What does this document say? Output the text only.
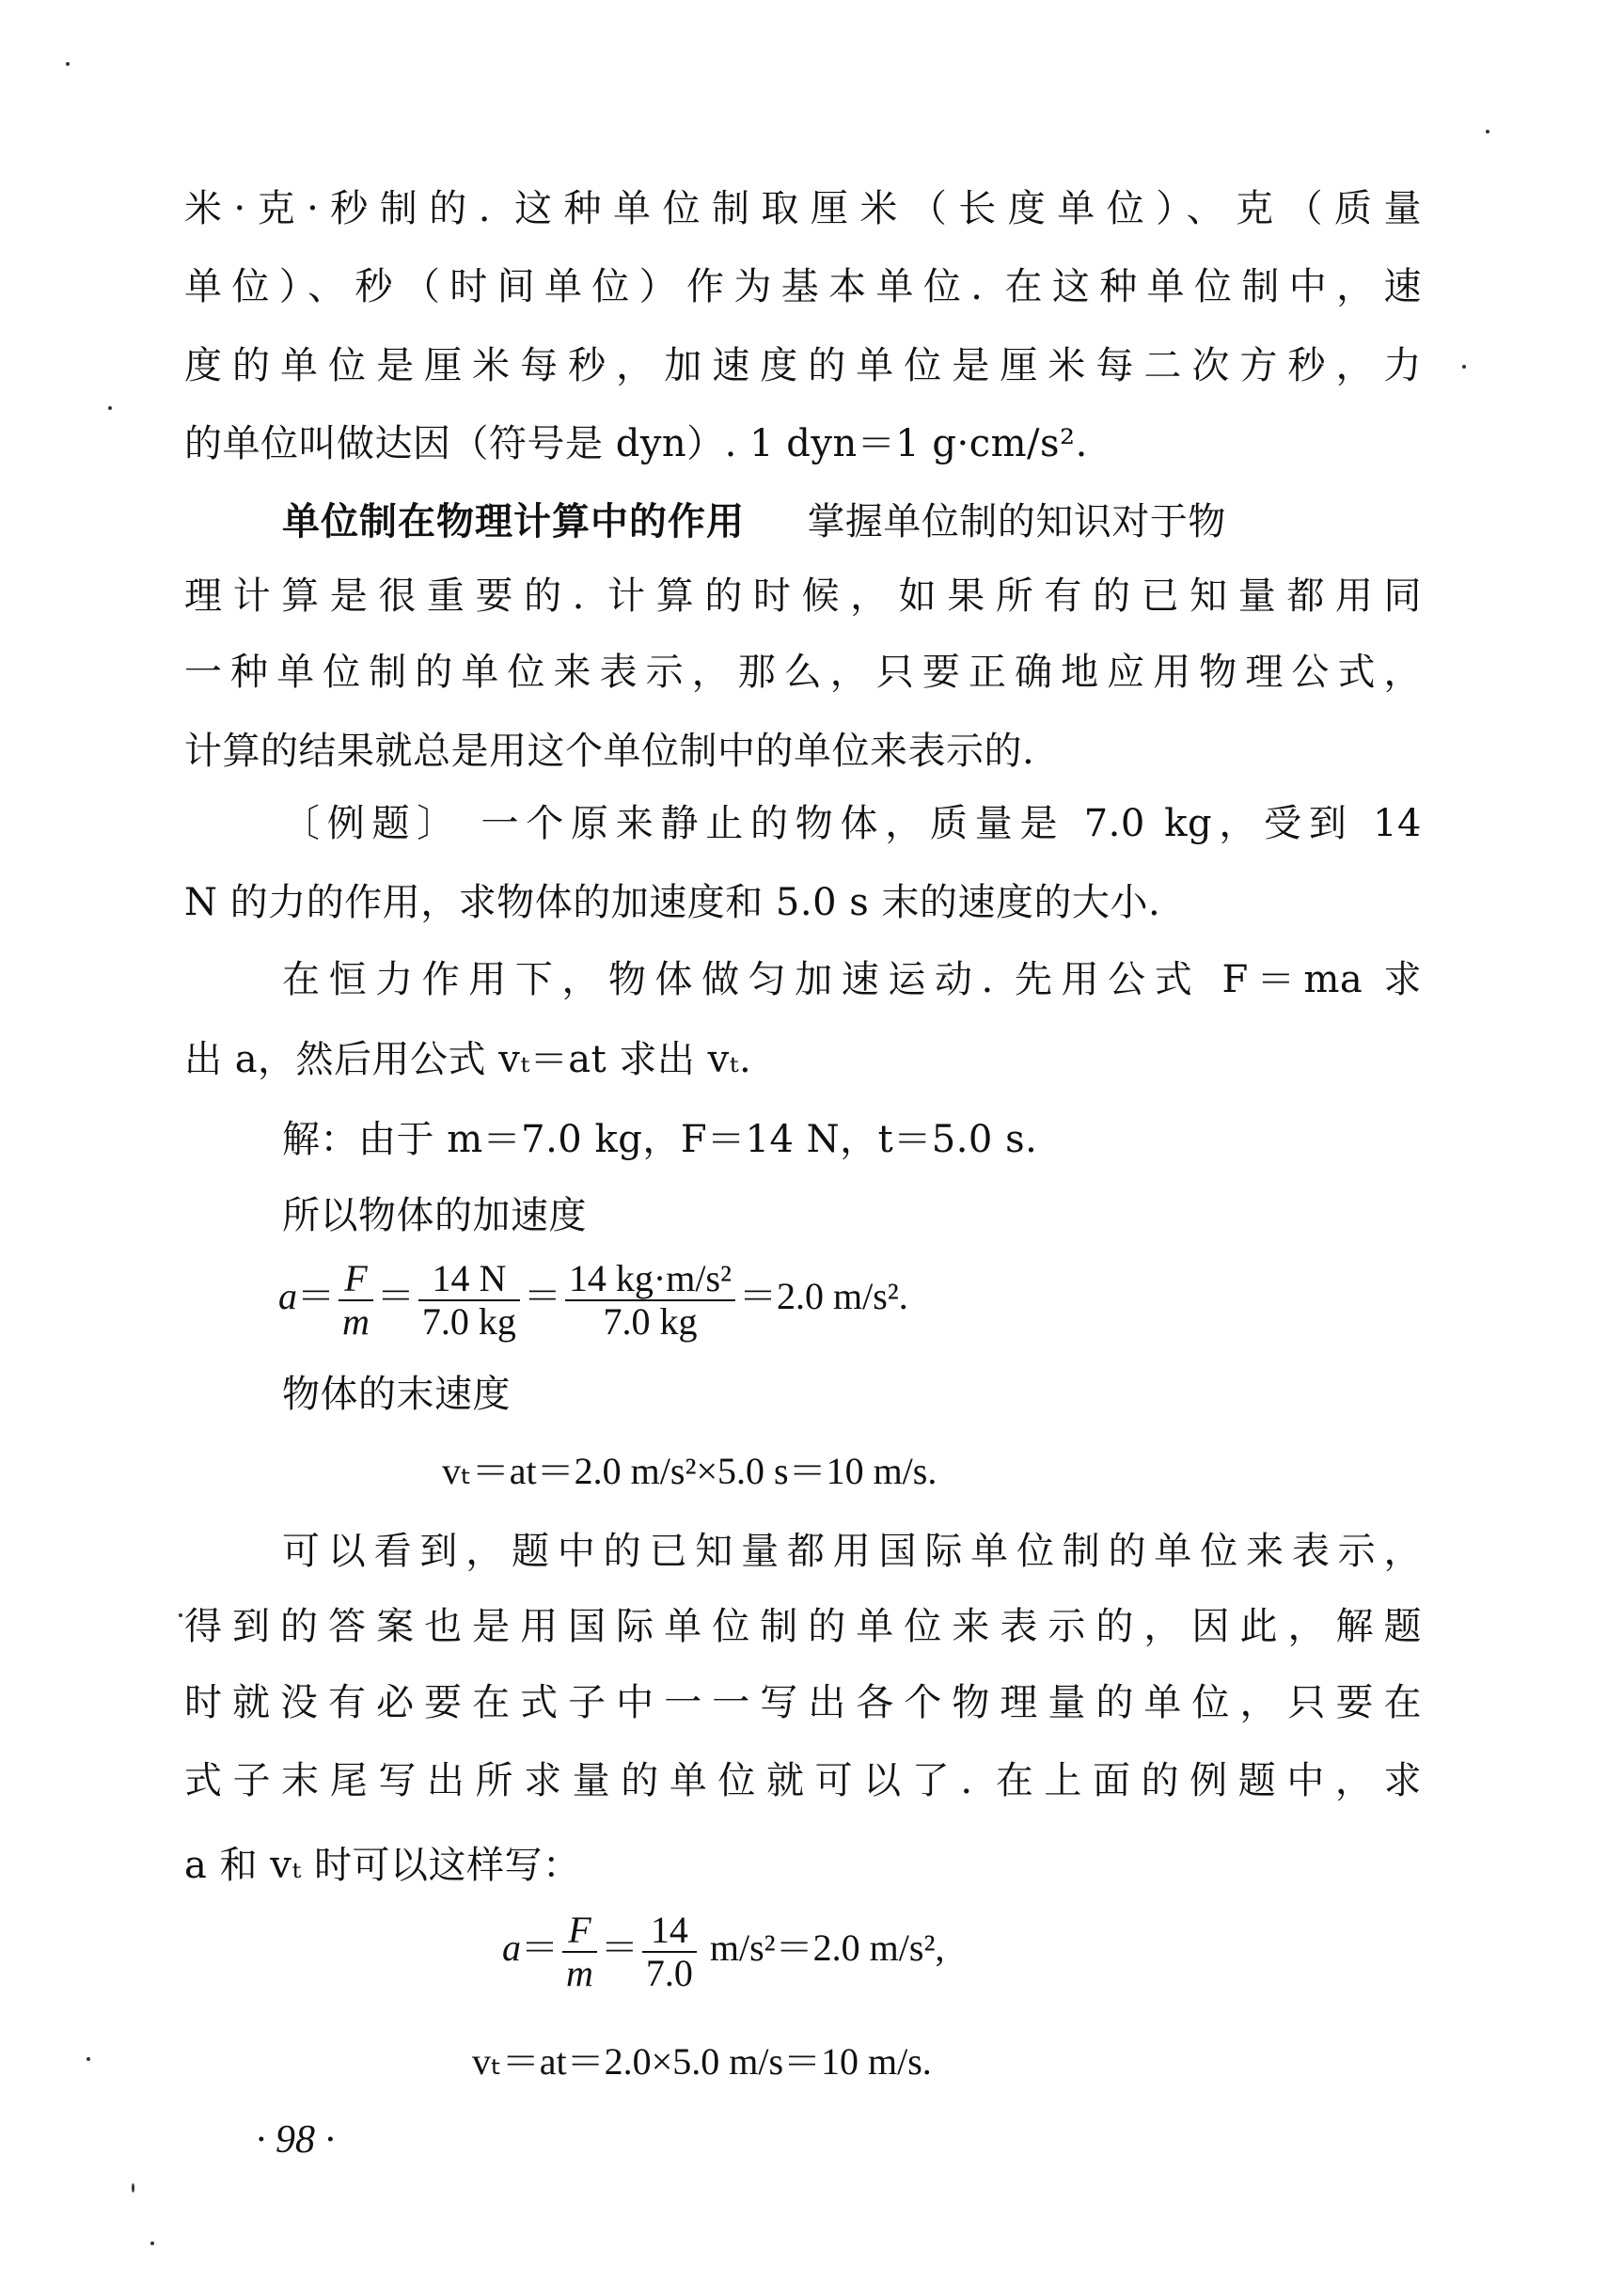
米·克·秒制的. 这种单位制取厘米（长度单位）、克（质量
单位）、秒（时间单位）作为基本单位. 在这种单位制中，速
度的单位是厘米每秒，加速度的单位是厘米每二次方秒，力
的单位叫做达因（符号是 dyn）. 1 dyn＝1 g·cm/s².
单位制在物理计算中的作用 掌握单位制的知识对于物
理计算是很重要的. 计算的时候，如果所有的已知量都用同
一种单位制的单位来表示，那么，只要正确地应用物理公式，
计算的结果就总是用这个单位制中的单位来表示的.
〔例题〕 一个原来静止的物体，质量是 7.0 kg，受到 14
N 的力的作用，求物体的加速度和 5.0 s 末的速度的大小.
在恒力作用下，物体做匀加速运动. 先用公式 F＝ma 求
出 a，然后用公式 vₜ＝at 求出 vₜ.
解：由于 m＝7.0 kg，F＝14 N，t＝5.0 s.
所以物体的加速度
$a= \frac{F}{m} = \frac{14 N}{7.0 kg} = \frac{\text{14 kg·m/s²}}{7.0 kg} =2.0$ m/s².
物体的末速度
vₜ＝at＝2.0 m/s²×5.0 s＝10 m/s.
可以看到，题中的已知量都用国际单位制的单位来表示，
得到的答案也是用国际单位制的单位来表示的，因此，解题
时就没有必要在式子中一一写出各个物理量的单位，只要在
式子末尾写出所求量的单位就可以了. 在上面的例题中，求
a 和 vₜ 时可以这样写：
$a= \frac{F}{m} = \frac{14}{7.0} m/s^2=2.0$ m/s²,
vₜ＝at＝2.0×5.0 m/s＝10 m/s.
· 98 ·
